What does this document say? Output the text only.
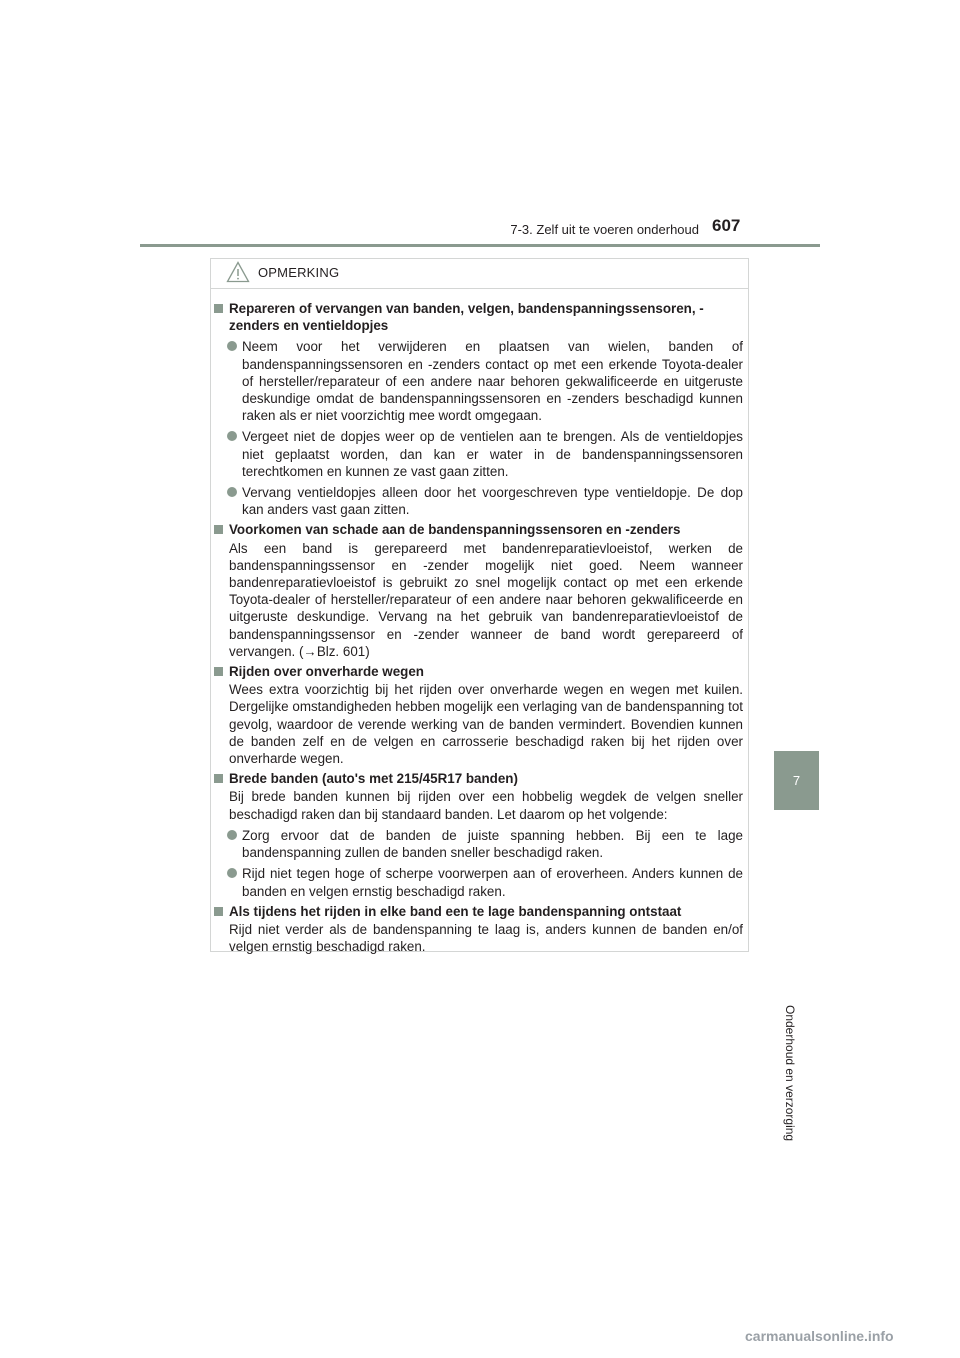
7-3. Zelf uit te voeren onderhoud 607
7
Onderhoud en verzorging
OPMERKING
Repareren of vervangen van banden, velgen, bandenspanningssensoren, -zenders en ventieldopjes
Neem voor het verwijderen en plaatsen van wielen, banden of bandenspanningssensoren en -zenders contact op met een erkende Toyota-dealer of hersteller/reparateur of een andere naar behoren gekwalificeerde en uitgeruste deskundige omdat de bandenspanningssensoren en -zenders beschadigd kunnen raken als er niet voorzichtig mee wordt omgegaan.
Vergeet niet de dopjes weer op de ventielen aan te brengen. Als de ventieldopjes niet geplaatst worden, dan kan er water in de bandenspanningssensoren terechtkomen en kunnen ze vast gaan zitten.
Vervang ventieldopjes alleen door het voorgeschreven type ventieldopje. De dop kan anders vast gaan zitten.
Voorkomen van schade aan de bandenspanningssensoren en -zenders
Als een band is gerepareerd met bandenreparatievloeistof, werken de bandenspanningssensor en -zender mogelijk niet goed. Neem wanneer bandenreparatievloeistof is gebruikt zo snel mogelijk contact op met een erkende Toyota-dealer of hersteller/reparateur of een andere naar behoren gekwalificeerde en uitgeruste deskundige. Vervang na het gebruik van bandenreparatievloeistof de bandenspanningssensor en -zender wanneer de band wordt gerepareerd of vervangen. (→Blz. 601)
Rijden over onverharde wegen
Wees extra voorzichtig bij het rijden over onverharde wegen en wegen met kuilen. Dergelijke omstandigheden hebben mogelijk een verlaging van de bandenspanning tot gevolg, waardoor de verende werking van de banden vermindert. Bovendien kunnen de banden zelf en de velgen en carrosserie beschadigd raken bij het rijden over onverharde wegen.
Brede banden (auto's met 215/45R17 banden)
Bij brede banden kunnen bij rijden over een hobbelig wegdek de velgen sneller beschadigd raken dan bij standaard banden. Let daarom op het volgende:
Zorg ervoor dat de banden de juiste spanning hebben. Bij een te lage bandenspanning zullen de banden sneller beschadigd raken.
Rijd niet tegen hoge of scherpe voorwerpen aan of eroverheen. Anders kunnen de banden en velgen ernstig beschadigd raken.
Als tijdens het rijden in elke band een te lage bandenspanning ontstaat
Rijd niet verder als de bandenspanning te laag is, anders kunnen de banden en/of velgen ernstig beschadigd raken.
carmanualsonline.info
